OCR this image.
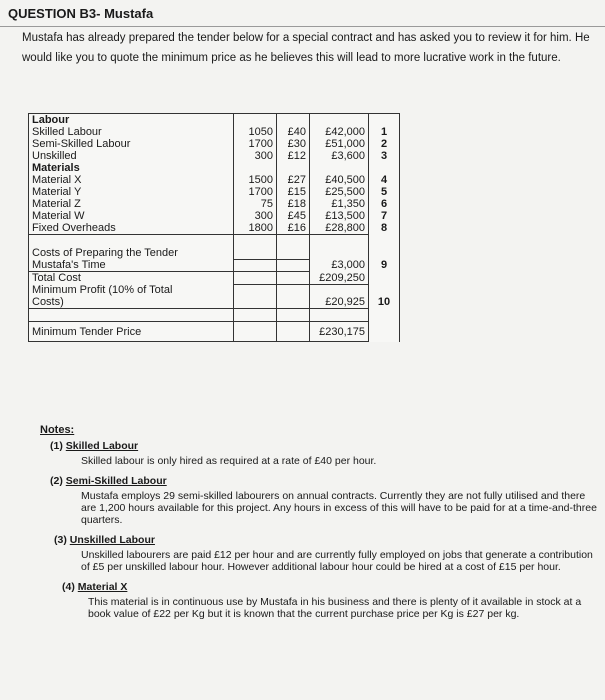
QUESTION B3- Mustafa
Mustafa has already prepared the tender below for a special contract and has asked you to review it for him. He would like you to quote the minimum price as he believes this will lead to more lucrative work in the future.
Labour				
Skilled Labour	1050	£40	£42,000	1
Semi-Skilled Labour	1700	£30	£51,000	2
Unskilled	300	£12	£3,600	3
Materials				
Material X	1500	£27	£40,500	4
Material Y	1700	£15	£25,500	5
Material Z	75	£18	£1,350	6
Material W	300	£45	£13,500	7
Fixed Overheads	1800	£16	£28,800	8

Costs of Preparing the Tender				
Mustafa's Time			£3,000	9
Total Cost			£209,250	
Minimum Profit (10% of Total				
Costs)			£20,925	10

Minimum Tender Price			£230,175	
Notes:
(1) Skilled Labour
Skilled labour is only hired as required at a rate of £40 per hour.
(2) Semi-Skilled Labour
Mustafa employs 29 semi-skilled labourers on annual contracts. Currently they are not fully utilised and there are 1,200 hours available for this project. Any hours in excess of this will have to be paid for at a time-and-three quarters.
(3) Unskilled Labour
Unskilled labourers are paid £12 per hour and are currently fully employed on jobs that generate a contribution of £5 per unskilled labour hour. However additional labour hour could be hired at a cost of £15 per hour.
(4) Material X
This material is in continuous use by Mustafa in his business and there is plenty of it available in stock at a book value of £22 per Kg but it is known that the current purchase price per Kg is £27 per kg.
